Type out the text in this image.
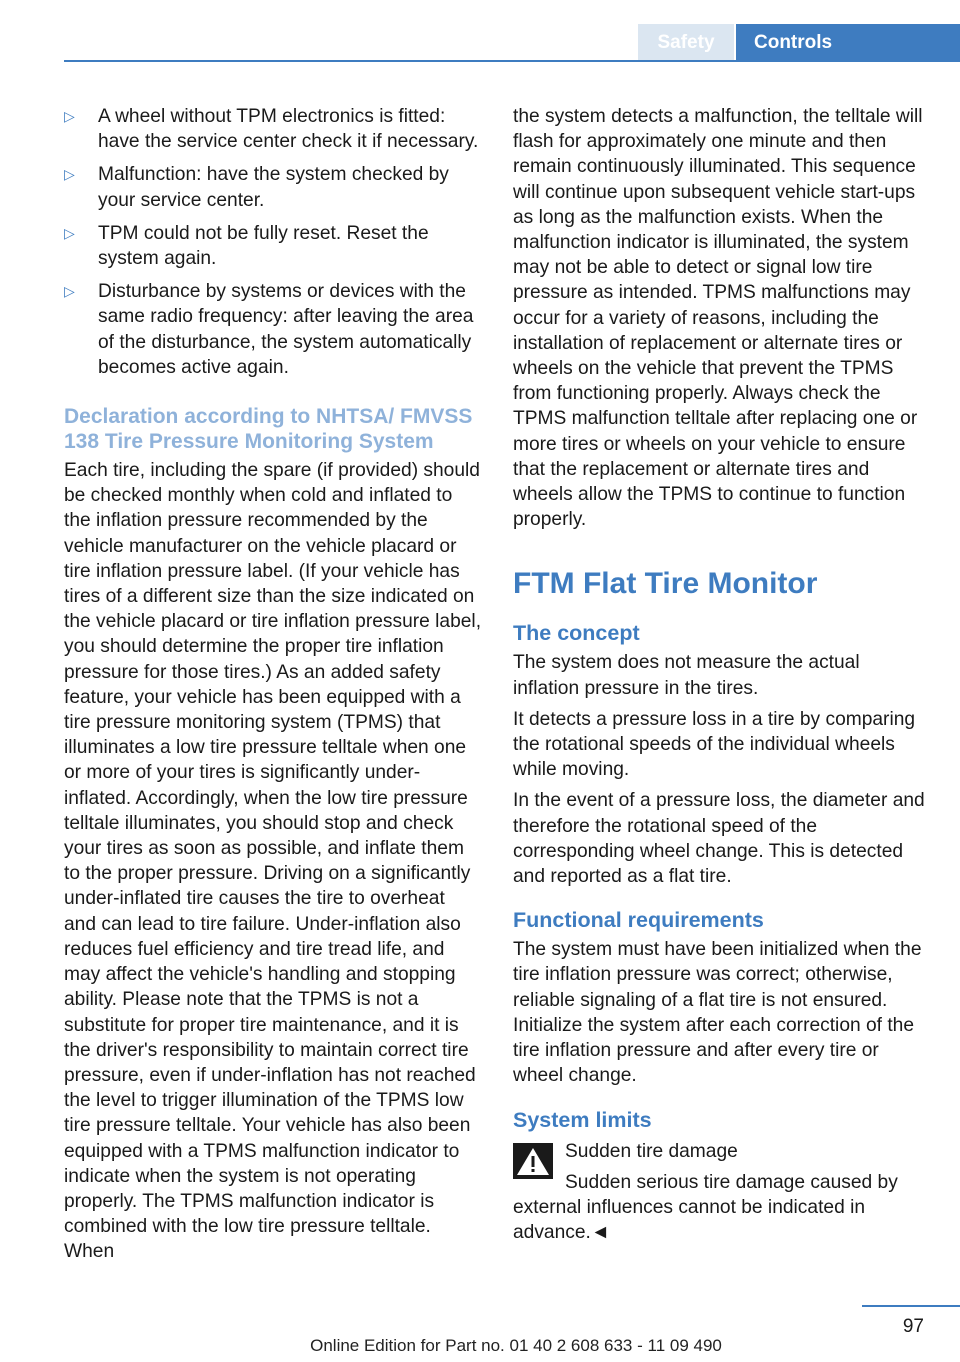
Safety	Controls
▷ A wheel without TPM electronics is fitted: have the service center check it if necessary.
▷ Malfunction: have the system checked by your service center.
▷ TPM could not be fully reset. Reset the system again.
▷ Disturbance by systems or devices with the same radio frequency: after leaving the area of the disturbance, the system automatically becomes active again.
Declaration according to NHTSA/ FMVSS 138 Tire Pressure Monitoring System

Each tire, including the spare (if provided) should be checked monthly when cold and inflated to the inflation pressure recommended by the vehicle manufacturer on the vehicle placard or tire inflation pressure label. (If your vehicle has tires of a different size than the size indicated on the vehicle placard or tire inflation pressure label, you should determine the proper tire inflation pressure for those tires.) As an added safety feature, your vehicle has been equipped with a tire pressure monitoring system (TPMS) that illuminates a low tire pressure telltale when one or more of your tires is significantly under-inflated. Accordingly, when the low tire pressure telltale illuminates, you should stop and check your tires as soon as possible, and inflate them to the proper pressure. Driving on a significantly under-inflated tire causes the tire to overheat and can lead to tire failure. Under-inflation also reduces fuel efficiency and tire tread life, and may affect the vehicle's handling and stopping ability. Please note that the TPMS is not a substitute for proper tire maintenance, and it is the driver's responsibility to maintain correct tire pressure, even if under-inflation has not reached the level to trigger illumination of the TPMS low tire pressure telltale. Your vehicle has also been equipped with a TPMS malfunction indicator to indicate when the system is not operating properly. The TPMS malfunction indicator is combined with the low tire pressure telltale. When

the system detects a malfunction, the telltale will flash for approximately one minute and then remain continuously illuminated. This sequence will continue upon subsequent vehicle start-ups as long as the malfunction exists. When the malfunction indicator is illuminated, the system may not be able to detect or signal low tire pressure as intended. TPMS malfunctions may occur for a variety of reasons, including the installation of replacement or alternate tires or wheels on the vehicle that prevent the TPMS from functioning properly. Always check the TPMS malfunction telltale after replacing one or more tires or wheels on your vehicle to ensure that the replacement or alternate tires and wheels allow the TPMS to continue to function properly.

FTM Flat Tire Monitor
The concept

The system does not measure the actual inflation pressure in the tires.

It detects a pressure loss in a tire by comparing the rotational speeds of the individual wheels while moving.

In the event of a pressure loss, the diameter and therefore the rotational speed of the corresponding wheel change. This is detected and reported as a flat tire.

Functional requirements

The system must have been initialized when the tire inflation pressure was correct; otherwise, reliable signaling of a flat tire is not ensured. Initialize the system after each correction of the tire inflation pressure and after every tire or wheel change.

System limits
Sudden tire damage

Sudden serious tire damage caused by external influences cannot be indicated in advance.◄

97
Online Edition for Part no. 01 40 2 608 633 - 11 09 490
